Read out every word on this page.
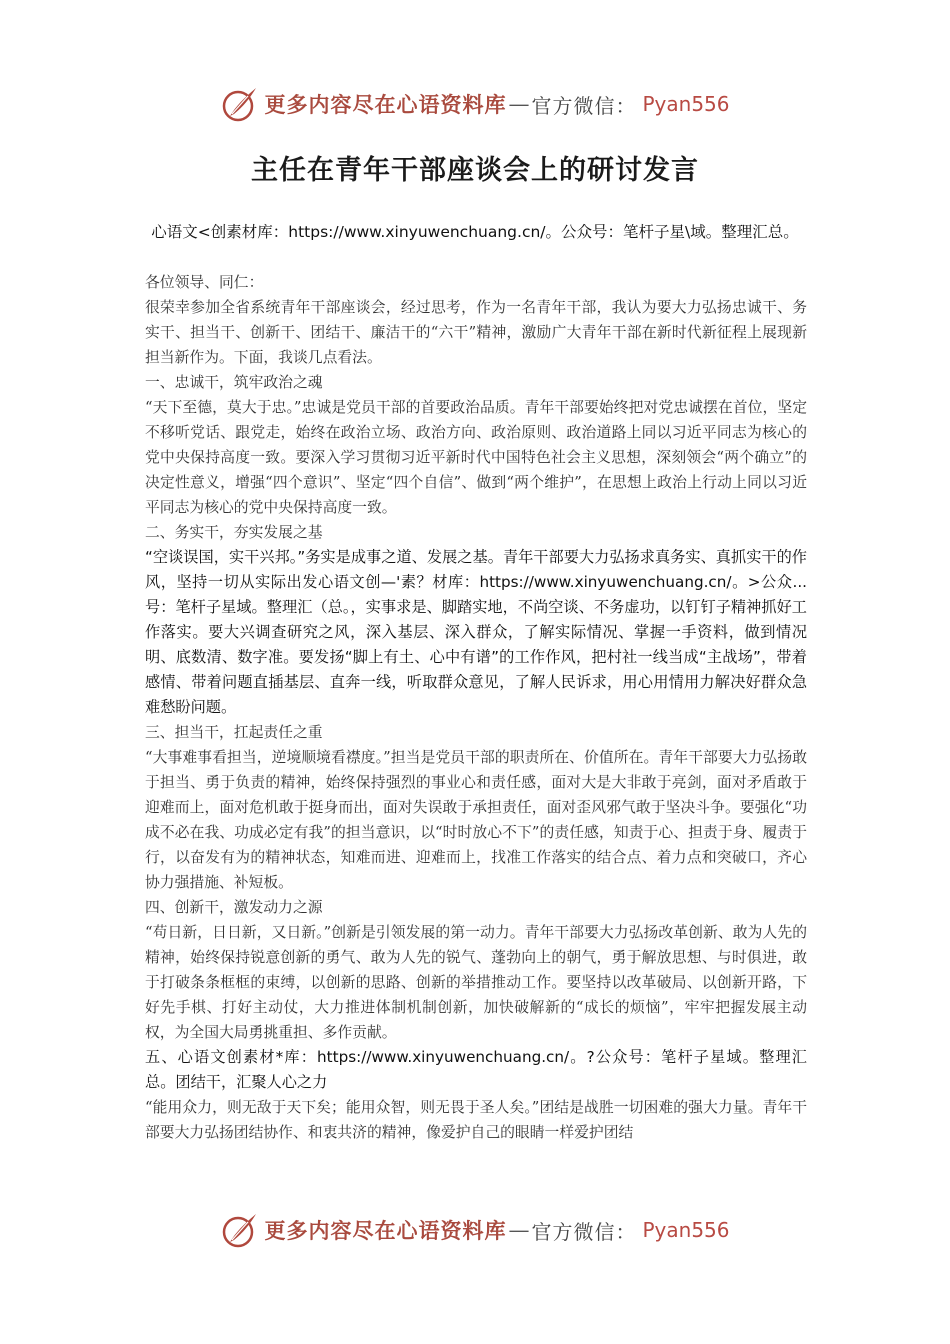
更多内容尽在心语资料库 — 官方微信： Pyan556
主任在青年干部座谈会上的研讨发言
心语文<创素材库：https://www.xinyuwenchuang.cn/。公众号：笔杆子星\域。整理汇总。

各位领导、同仁：

很荣幸参加全省系统青年干部座谈会，经过思考，作为一名青年干部，我认为要大力弘扬忠诚干、务实干、担当干、创新干、团结干、廉洁干的“六干”精神，激励广大青年干部在新时代新征程上展现新担当新作为。下面，我谈几点看法。

一、忠诚干，筑牢政治之魂

“天下至德，莫大于忠。”忠诚是党员干部的首要政治品质。青年干部要始终把对党忠诚摆在首位，坚定不移听党话、跟党走，始终在政治立场、政治方向、政治原则、政治道路上同以习近平同志为核心的党中央保持高度一致。要深入学习贯彻习近平新时代中国特色社会主义思想，深刻领会“两个确立”的决定性意义，增强“四个意识”、坚定“四个自信”、做到“两个维护”，在思想上政治上行动上同以习近平同志为核心的党中央保持高度一致。

二、务实干，夯实发展之基

“空谈误国，实干兴邦。”务实是成事之道、发展之基。青年干部要大力弘扬求真务实、真抓实干的作风，坚持一切从实际出发心语文创—'素？材库：https://www.xinyuwenchuang.cn/。>公众...号：笔杆子星域。整理汇（总。，实事求是、脚踏实地，不尚空谈、不务虚功，以钉钉子精神抓好工作落实。要大兴调查研究之风，深入基层、深入群众，了解实际情况、掌握一手资料，做到情况明、底数清、数字准。要发扬“脚上有土、心中有谱”的工作作风，把村社一线当成“主战场”，带着感情、带着问题直插基层、直奔一线，听取群众意见，了解人民诉求，用心用情用力解决好群众急难愁盼问题。

三、担当干，扛起责任之重

“大事难事看担当，逆境顺境看襟度。”担当是党员干部的职责所在、价值所在。青年干部要大力弘扬敢于担当、勇于负责的精神，始终保持强烈的事业心和责任感，面对大是大非敢于亮剑，面对矛盾敢于迎难而上，面对危机敢于挺身而出，面对失误敢于承担责任，面对歪风邪气敢于坚决斗争。要强化“功成不必在我、功成必定有我”的担当意识，以“时时放心不下”的责任感，知责于心、担责于身、履责于行，以奋发有为的精神状态，知难而进、迎难而上，找准工作落实的结合点、着力点和突破口，齐心协力强措施、补短板。

四、创新干，激发动力之源

“苟日新，日日新，又日新。”创新是引领发展的第一动力。青年干部要大力弘扬改革创新、敢为人先的精神，始终保持锐意创新的勇气、敢为人先的锐气、蓬勃向上的朝气，勇于解放思想、与时俱进，敢于打破条条框框的束缚，以创新的思路、创新的举措推动工作。要坚持以改革破局、以创新开路，下好先手棋、打好主动仗，大力推进体制机制创新，加快破解新的“成长的烦恼”，牢牢把握发展主动权，为全国大局勇挑重担、多作贡献。

五、心语文创素材*库：https://www.xinyuwenchuang.cn/。?公众号：笔杆子星域。整理汇总。团结干，汇聚人心之力

“能用众力，则无敌于天下矣；能用众智，则无畏于圣人矣。”团结是战胜一切困难的强大力量。青年干部要大力弘扬团结协作、和衷共济的精神，像爱护自己的眼睛一样爱护团结

更多内容尽在心语资料库 — 官方微信： Pyan556
